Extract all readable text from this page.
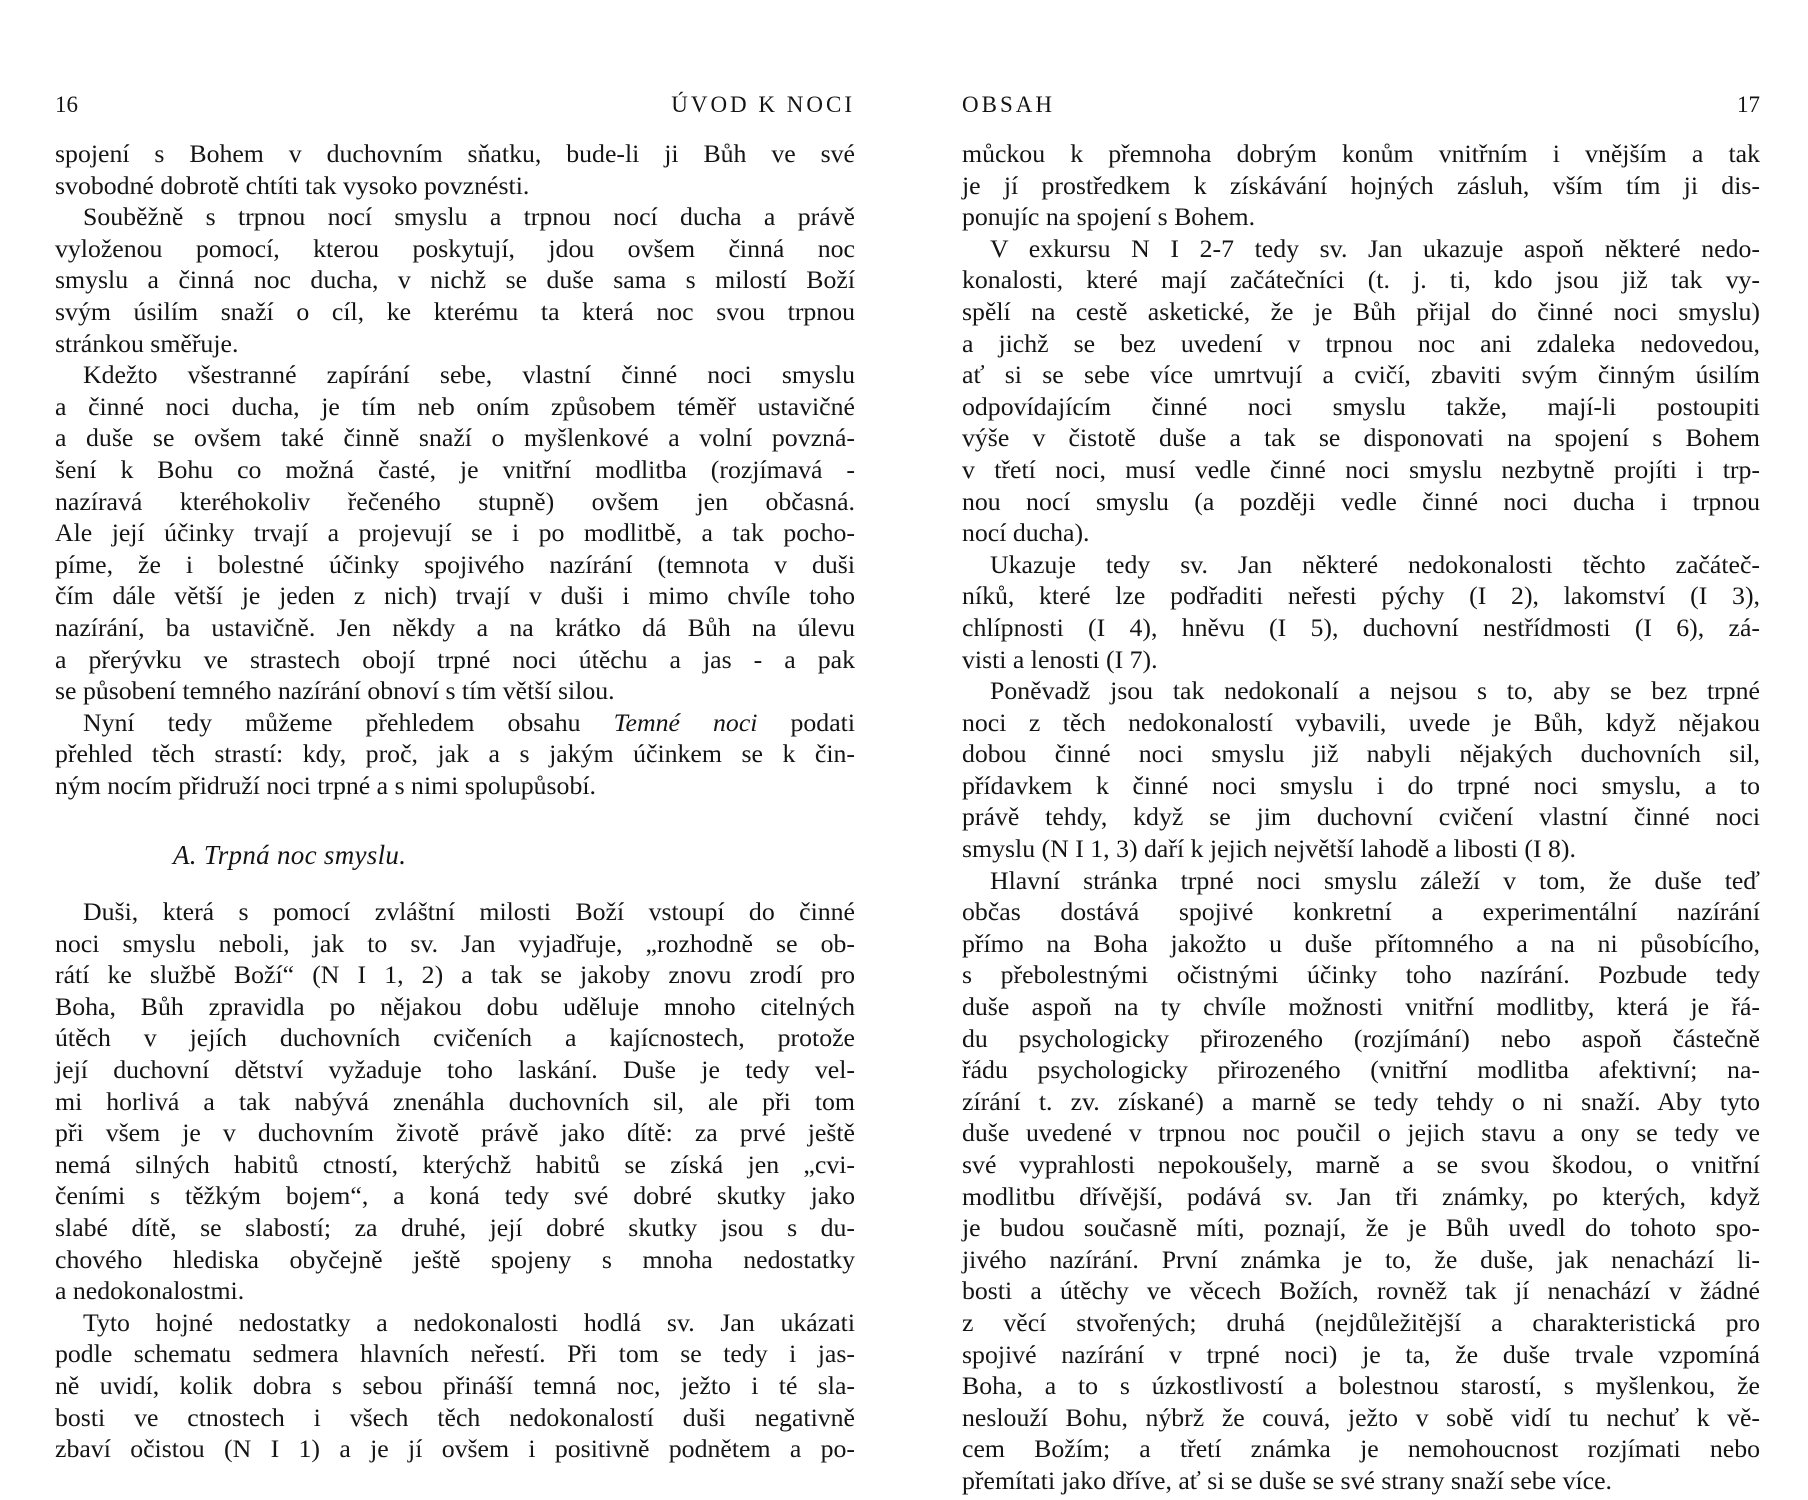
16	ÚVOD K NOCI
spojení s Bohem v duchovním sňatku, bude-li ji Bůh ve své
svobodné dobrotě chtíti tak vysoko povznésti.
Souběžně s trpnou nocí smyslu a trpnou nocí ducha a právě
vyloženou pomocí, kterou poskytují, jdou ovšem činná noc
smyslu a činná noc ducha, v nichž se duše sama s milostí Boží
svým úsilím snaží o cíl, ke kterému ta která noc svou trpnou
stránkou směřuje.
Kdežto všestranné zapírání sebe, vlastní činné noci smyslu
a činné noci ducha, je tím neb oním způsobem téměř ustavičné
a duše se ovšem také činně snaží o myšlenkové a volní povzná-
šení k Bohu co možná časté, je vnitřní modlitba (rozjímavá -
nazíravá kteréhokoliv řečeného stupně) ovšem jen občasná.
Ale její účinky trvají a projevují se i po modlitbě, a tak pocho-
píme, že i bolestné účinky spojivého nazírání (temnota v duši
čím dále větší je jeden z nich) trvají v duši i mimo chvíle toho
nazírání, ba ustavičně. Jen někdy a na krátko dá Bůh na úlevu
a přerývku ve strastech obojí trpné noci útěchu a jas - a pak
se působení temného nazírání obnoví s tím větší silou.
Nyní tedy můžeme přehledem obsahu Temné noci podati
přehled těch strastí: kdy, proč, jak a s jakým účinkem se k čin-
ným nocím přidruží noci trpné a s nimi spolupůsobí.
A. Trpná noc smyslu.
Duši, která s pomocí zvláštní milosti Boží vstoupí do činné
noci smyslu neboli, jak to sv. Jan vyjadřuje, „rozhodně se ob-
rátí ke službě Boží“ (N I 1, 2) a tak se jakoby znovu zrodí pro
Boha, Bůh zpravidla po nějakou dobu uděluje mnoho citelných
útěch v jejích duchovních cvičeních a kajícnostech, protože
její duchovní dětství vyžaduje toho laskání. Duše je tedy vel-
mi horlivá a tak nabývá znenáhla duchovních sil, ale při tom
při všem je v duchovním životě právě jako dítě: za prvé ještě
nemá silných habitů ctností, kterýchž habitů se získá jen „cvi-
čeními s těžkým bojem“, a koná tedy své dobré skutky jako
slabé dítě, se slabostí; za druhé, její dobré skutky jsou s du-
chového hlediska obyčejně ještě spojeny s mnoha nedostatky
a nedokonalostmi.
Tyto hojné nedostatky a nedokonalosti hodlá sv. Jan ukázati
podle schematu sedmera hlavních neřestí. Při tom se tedy i jas-
ně uvidí, kolik dobra s sebou přináší temná noc, ježto i té sla-
bosti ve ctnostech i všech těch nedokonalostí duši negativně
zbaví očistou (N I 1) a je jí ovšem i positivně podnětem a po-
OBSAH	17
můckou k přemnoha dobrým konům vnitřním i vnějším a tak
je jí prostředkem k získávání hojných zásluh, vším tím ji dis-
ponujíc na spojení s Bohem.
V exkursu N I 2-7 tedy sv. Jan ukazuje aspoň některé nedo-
konalosti, které mají začátečníci (t. j. ti, kdo jsou již tak vy-
spělí na cestě asketické, že je Bůh přijal do činné noci smyslu)
a jichž se bez uvedení v trpnou noc ani zdaleka nedovedou,
ať si se sebe více umrtvují a cvičí, zbaviti svým činným úsilím
odpovídajícím činné noci smyslu takže, mají-li postoupiti
výše v čistotě duše a tak se disponovati na spojení s Bohem
v třetí noci, musí vedle činné noci smyslu nezbytně projíti i trp-
nou nocí smyslu (a později vedle činné noci ducha i trpnou
nocí ducha).
Ukazuje tedy sv. Jan některé nedokonalosti těchto začáteč-
níků, které lze podřaditi neřesti pýchy (I 2), lakomství (I 3),
chlípnosti (I 4), hněvu (I 5), duchovní nestřídmosti (I 6), zá-
visti a lenosti (I 7).
Poněvadž jsou tak nedokonalí a nejsou s to, aby se bez trpné
noci z těch nedokonalostí vybavili, uvede je Bůh, když nějakou
dobou činné noci smyslu již nabyli nějakých duchovních sil,
přídavkem k činné noci smyslu i do trpné noci smyslu, a to
právě tehdy, když se jim duchovní cvičení vlastní činné noci
smyslu (N I 1, 3) daří k jejich největší lahodě a libosti (I 8).
Hlavní stránka trpné noci smyslu záleží v tom, že duše teď
občas dostává spojivé konkretní a experimentální nazírání
přímo na Boha jakožto u duše přítomného a na ni působícího,
s přebolestnými očistnými účinky toho nazírání. Pozbude tedy
duše aspoň na ty chvíle možnosti vnitřní modlitby, která je řá-
du psychologicky přirozeného (rozjímání) nebo aspoň částečně
řádu psychologicky přirozeného (vnitřní modlitba afektivní; na-
zírání t. zv. získané) a marně se tedy tehdy o ni snaží. Aby tyto
duše uvedené v trpnou noc poučil o jejich stavu a ony se tedy ve
své vyprahlosti nepokoušely, marně a se svou škodou, o vnitřní
modlitbu dřívější, podává sv. Jan tři známky, po kterých, když
je budou současně míti, poznají, že je Bůh uvedl do tohoto spo-
jivého nazírání. První známka je to, že duše, jak nenachází li-
bosti a útěchy ve věcech Božích, rovněž tak jí nenachází v žádné
z věcí stvořených; druhá (nejdůležitější a charakteristická pro
spojivé nazírání v trpné noci) je ta, že duše trvale vzpomíná
Boha, a to s úzkostlivostí a bolestnou starostí, s myšlenkou, že
neslouží Bohu, nýbrž že couvá, ježto v sobě vidí tu nechuť k vě-
cem Božím; a třetí známka je nemohoucnost rozjímati nebo
přemítati jako dříve, ať si se duše se své strany snaží sebe více.
